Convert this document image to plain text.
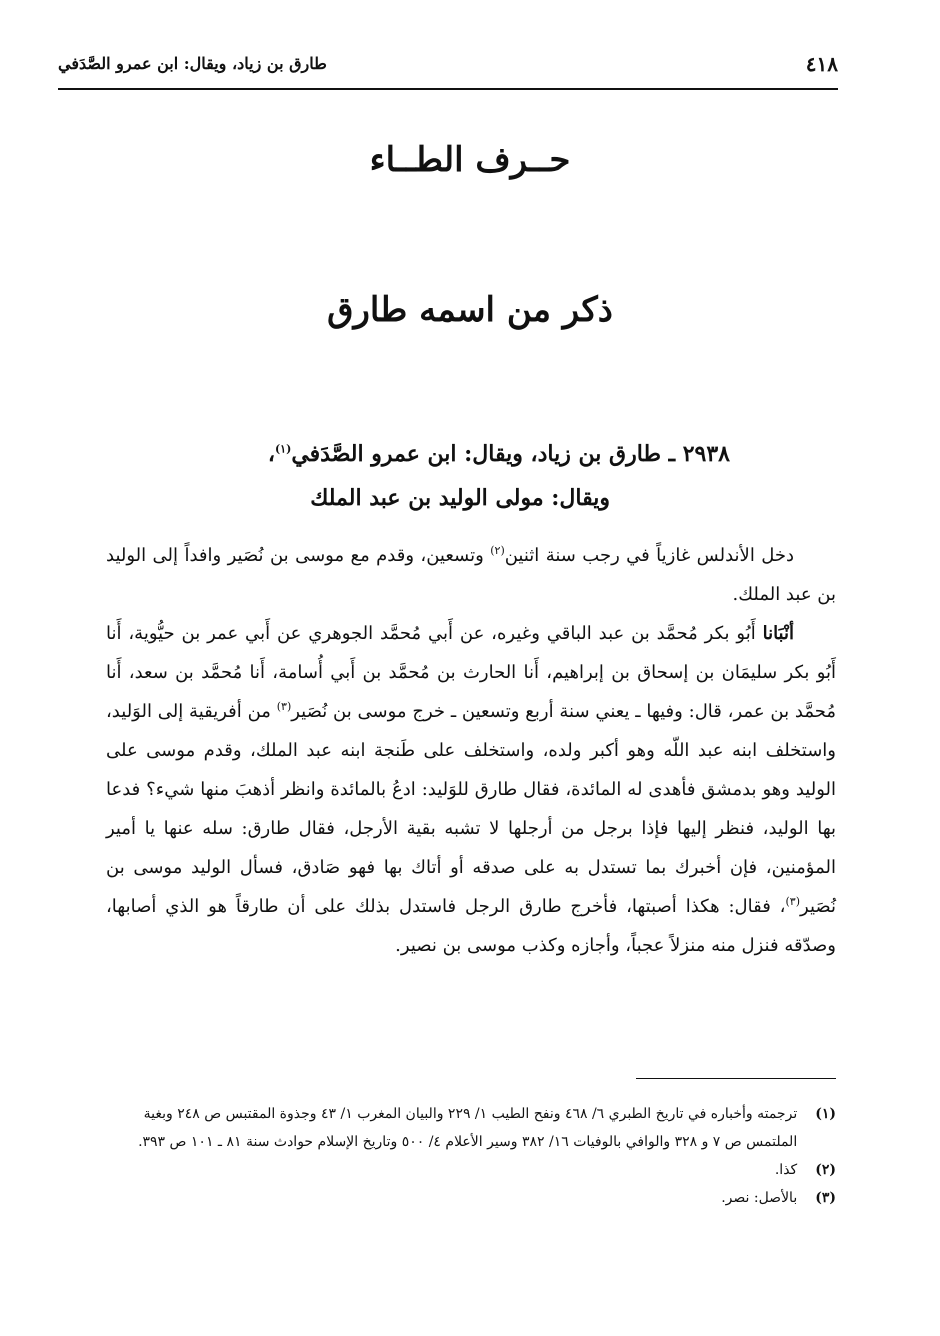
٤١٨
طارق بن زياد، ويقال: ابن عمرو الصَّدَفي
حــرف الطــاء
ذكر من اسمه طارق
٢٩٣٨ ـ طارق بن زياد، ويقال: ابن عمرو الصَّدَفي$^{(١)}$،
ويقال: مولى الوليد بن عبد الملك

دخل الأندلس غازياً في رجب سنة اثنين$^{(٢)}$ وتسعين، وقدم مع موسى بن نُصَير وافداً إلى الوليد بن عبد الملك.

أنْبَانا أَبُو بكر مُحمَّد بن عبد الباقي وغيره، عن أَبي مُحمَّد الجوهري عن أَبي عمر بن حيُّوية، أَنا أَبُو بكر سليمَان بن إسحاق بن إبراهيم، أَنا الحارث بن مُحمَّد بن أَبي أُسامة، أَنا مُحمَّد بن سعد، أَنا مُحمَّد بن عمر، قال: وفيها ـ يعني سنة أربع وتسعين ـ خرج موسى بن نُصَير$^{(٣)}$ من أفريقية إلى الوَليد، واستخلف ابنه عبد اللّه وهو أكبر ولده، واستخلف على طَنجة ابنه عبد الملك، وقدم موسى على الوليد وهو بدمشق فأهدى له المائدة، فقال طارق للوَليد: ادعُ بالمائدة وانظر أذهبَ منها شيء؟ فدعا بها الوليد، فنظر إليها فإذا برجل من أرجلها لا تشبه بقية الأرجل، فقال طارق: سله عنها يا أمير المؤمنين، فإن أخبرك بما تستدل به على صدقه أو أتاك بها فهو صَادق، فسأل الوليد موسى بن نُصَير$^{(٣)}$، فقال: هكذا أصبتها، فأخرج طارق الرجل فاستدل بذلك على أن طارقاً هو الذي أصابها، وصدّقه فنزل منه منزلاً عجباً، وأجازه وكذب موسى بن نصير.

(١)
ترجمته وأخباره في تاريخ الطبري ٦/ ٤٦٨ ونفح الطيب ١/ ٢٢٩ والبيان المغرب ١/ ٤٣ وجذوة المقتبس ص ٢٤٨ وبغية الملتمس ص ٧ و ٣٢٨ والوافي بالوفيات ١٦/ ٣٨٢ وسير الأعلام ٤/ ٥٠٠ وتاريخ الإسلام حوادث سنة ٨١ ـ ١٠١ ص ٣٩٣.
(٢)
كذا.
(٣)
بالأصل: نصر.
